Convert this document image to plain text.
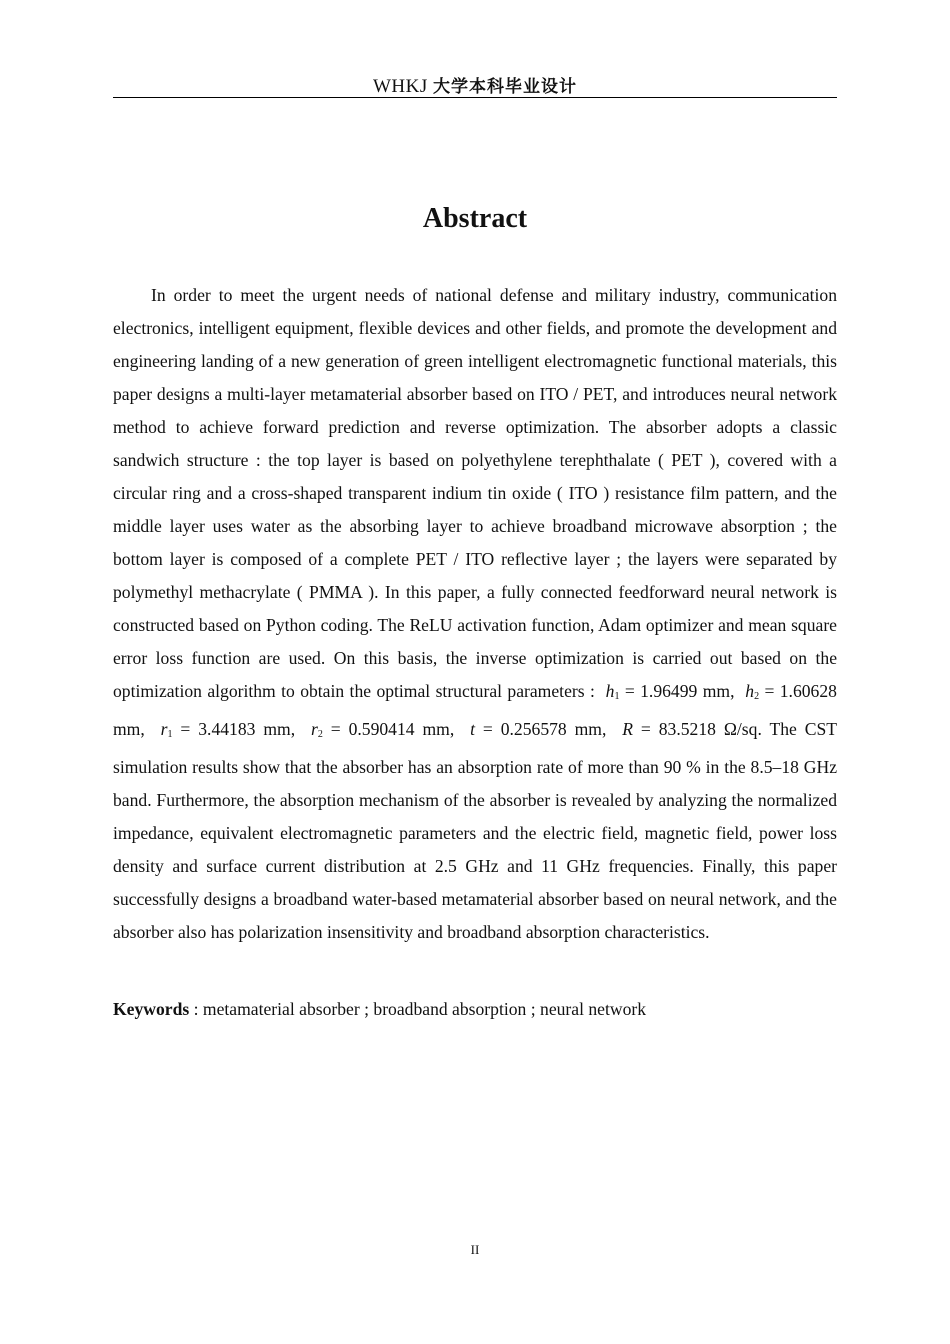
WHKJ 大学本科毕业设计
Abstract

In order to meet the urgent needs of national defense and military industry, communication electronics, intelligent equipment, flexible devices and other fields, and promote the development and engineering landing of a new generation of green intelligent electromagnetic functional materials, this paper designs a multi-layer metamaterial absorber based on ITO / PET, and introduces neural network method to achieve forward prediction and reverse optimization. The absorber adopts a classic sandwich structure : the top layer is based on polyethylene terephthalate ( PET ), covered with a circular ring and a cross-shaped transparent indium tin oxide ( ITO ) resistance film pattern, and the middle layer uses water as the absorbing layer to achieve broadband microwave absorption ; the bottom layer is composed of a complete PET / ITO reflective layer ; the layers were separated by polymethyl methacrylate ( PMMA ). In this paper, a fully connected feedforward neural network is constructed based on Python coding. The ReLU activation function, Adam optimizer and mean square error loss function are used. On this basis, the inverse optimization is carried out based on the optimization algorithm to obtain the optimal structural parameters : $h_1 = 1.96499$ mm, $h_2 = 1.60628$ mm, $r_1 = 3.44183$ mm, $r_2 = 0.590414$ mm, t = 0.256578 mm, R = 83.5218 Ω/sq. The CST simulation results show that the absorber has an absorption rate of more than 90 % in the 8.5–18 GHz band. Furthermore, the absorption mechanism of the absorber is revealed by analyzing the normalized impedance, equivalent electromagnetic parameters and the electric field, magnetic field, power loss density and surface current distribution at 2.5 GHz and 11 GHz frequencies. Finally, this paper successfully designs a broadband water-based metamaterial absorber based on neural network, and the absorber also has polarization insensitivity and broadband absorption characteristics.

Keywords : metamaterial absorber ; broadband absorption ; neural network
II
